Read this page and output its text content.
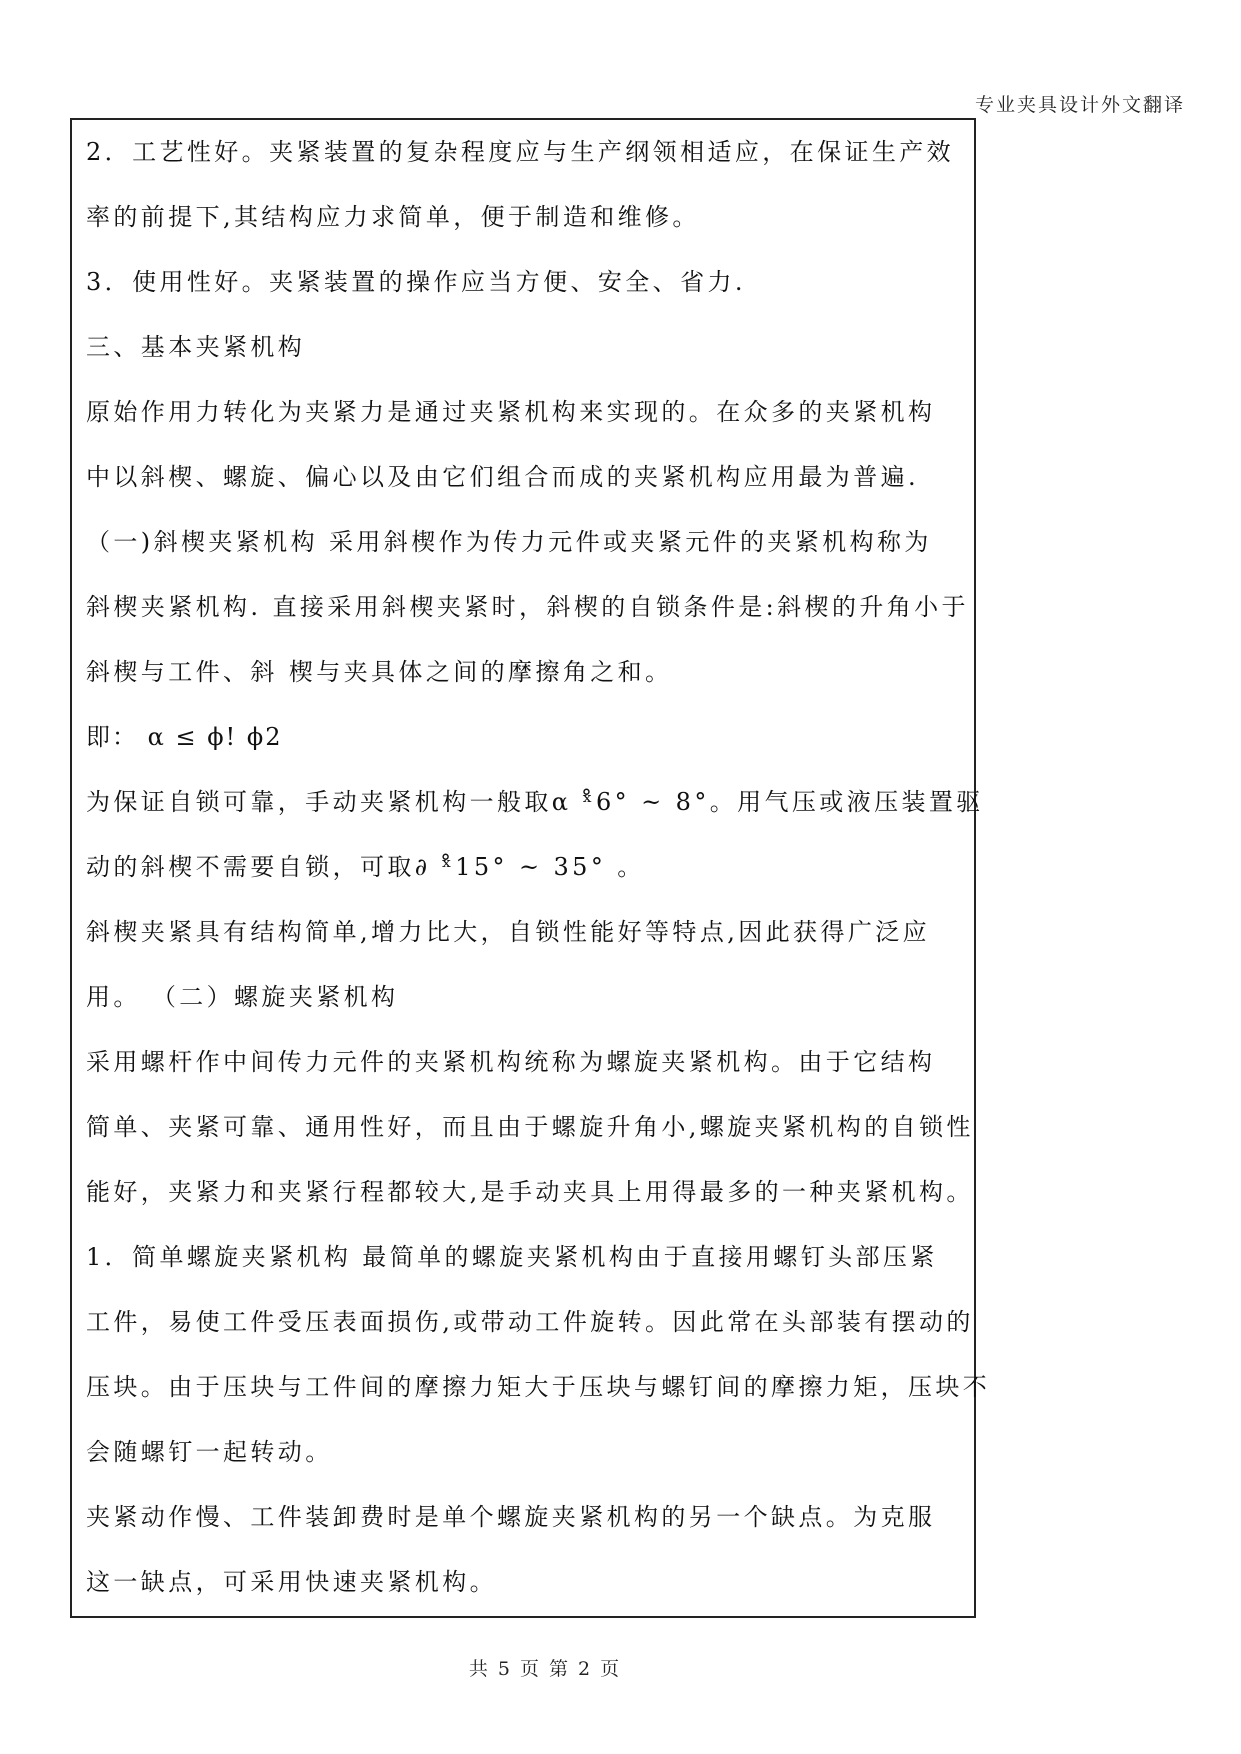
专业夹具设计外文翻译
2．工艺性好。夹紧装置的复杂程度应与生产纲领相适应，在保证生产效
率的前提下,其结构应力求简单，便于制造和维修。
3．使用性好。夹紧装置的操作应当方便、安全、省力.
三、基本夹紧机构
原始作用力转化为夹紧力是通过夹紧机构来实现的。在众多的夹紧机构
中以斜楔、螺旋、偏心以及由它们组合而成的夹紧机构应用最为普遍.
（一)斜楔夹紧机构 采用斜楔作为传力元件或夹紧元件的夹紧机构称为
斜楔夹紧机构. 直接采用斜楔夹紧时，斜楔的自锁条件是:斜楔的升角小于
斜楔与工件、斜 楔与夹具体之间的摩擦角之和。
即： α ≤ ϕ! ϕ2
为保证自锁可靠，手动夹紧机构一般取α ˣ̊6° ~ 8°。用气压或液压装置驱
动的斜楔不需要自锁，可取∂ ˣ̊15° ~ 35° 。
斜楔夹紧具有结构简单,增力比大，自锁性能好等特点,因此获得广泛应
用。 （二）螺旋夹紧机构
采用螺杆作中间传力元件的夹紧机构统称为螺旋夹紧机构。由于它结构
简单、夹紧可靠、通用性好，而且由于螺旋升角小,螺旋夹紧机构的自锁性
能好，夹紧力和夹紧行程都较大,是手动夹具上用得最多的一种夹紧机构。
1．简单螺旋夹紧机构 最简单的螺旋夹紧机构由于直接用螺钉头部压紧
工件，易使工件受压表面损伤,或带动工件旋转。因此常在头部装有摆动的
压块。由于压块与工件间的摩擦力矩大于压块与螺钉间的摩擦力矩，压块不
会随螺钉一起转动。
夹紧动作慢、工件装卸费时是单个螺旋夹紧机构的另一个缺点。为克服
这一缺点，可采用快速夹紧机构。
共 5 页 第 2 页
